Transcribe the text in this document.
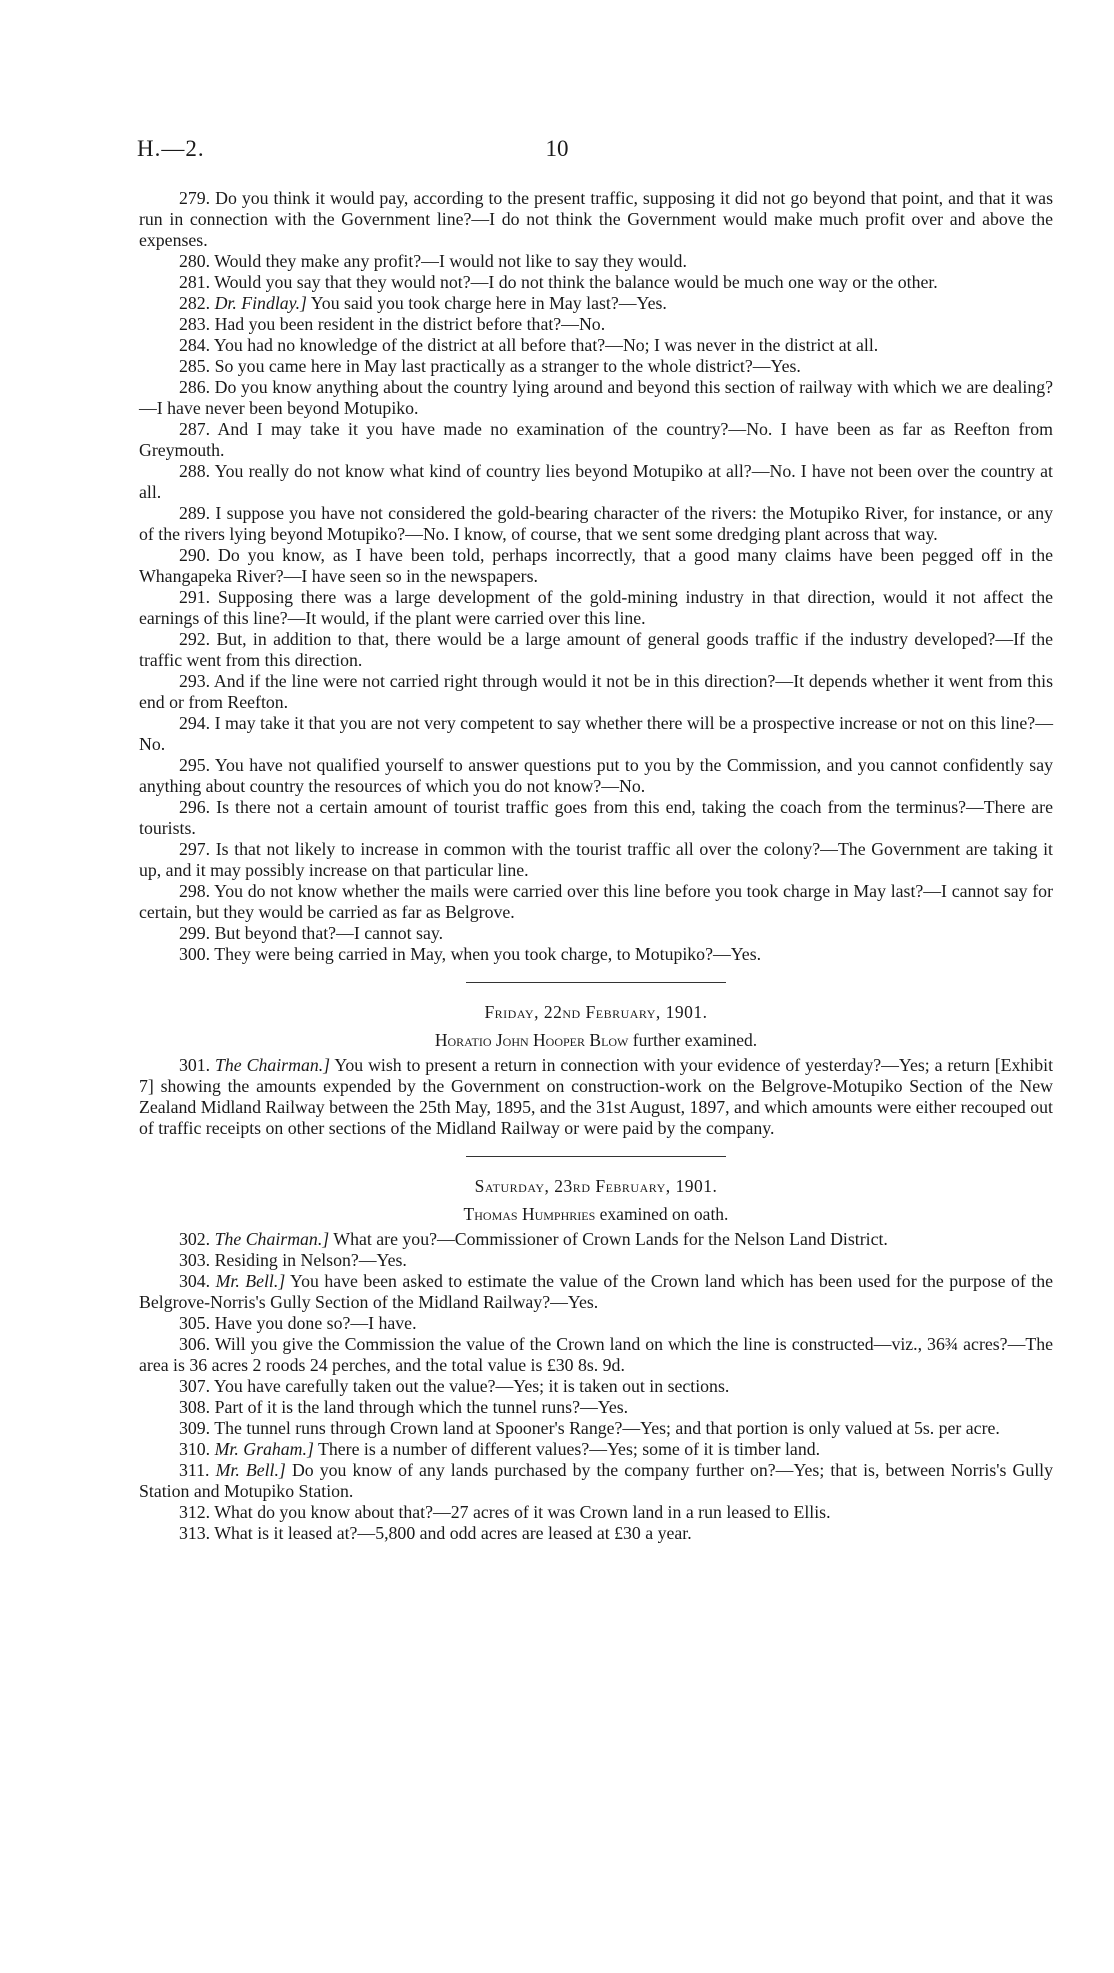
H.—2.	10

279. Do you think it would pay, according to the present traffic, supposing it did not go beyond that point, and that it was run in connection with the Government line?—I do not think the Government would make much profit over and above the expenses.

280. Would they make any profit?—I would not like to say they would.

281. Would you say that they would not?—I do not think the balance would be much one way or the other.

282. Dr. Findlay.] You said you took charge here in May last?—Yes.

283. Had you been resident in the district before that?—No.

284. You had no knowledge of the district at all before that?—No; I was never in the district at all.

285. So you came here in May last practically as a stranger to the whole district?—Yes.

286. Do you know anything about the country lying around and beyond this section of railway with which we are dealing?—I have never been beyond Motupiko.

287. And I may take it you have made no examination of the country?—No. I have been as far as Reefton from Greymouth.

288. You really do not know what kind of country lies beyond Motupiko at all?—No. I have not been over the country at all.

289. I suppose you have not considered the gold-bearing character of the rivers: the Motupiko River, for instance, or any of the rivers lying beyond Motupiko?—No. I know, of course, that we sent some dredging plant across that way.

290. Do you know, as I have been told, perhaps incorrectly, that a good many claims have been pegged off in the Whangapeka River?—I have seen so in the newspapers.

291. Supposing there was a large development of the gold-mining industry in that direction, would it not affect the earnings of this line?—It would, if the plant were carried over this line.

292. But, in addition to that, there would be a large amount of general goods traffic if the industry developed?—If the traffic went from this direction.

293. And if the line were not carried right through would it not be in this direction?—It depends whether it went from this end or from Reefton.

294. I may take it that you are not very competent to say whether there will be a prospective increase or not on this line?—No.

295. You have not qualified yourself to answer questions put to you by the Commission, and you cannot confidently say anything about country the resources of which you do not know?—No.

296. Is there not a certain amount of tourist traffic goes from this end, taking the coach from the terminus?—There are tourists.

297. Is that not likely to increase in common with the tourist traffic all over the colony?—The Government are taking it up, and it may possibly increase on that particular line.

298. You do not know whether the mails were carried over this line before you took charge in May last?—I cannot say for certain, but they would be carried as far as Belgrove.

299. But beyond that?—I cannot say.

300. They were being carried in May, when you took charge, to Motupiko?—Yes.

Friday, 22nd February, 1901.
Horatio John Hooper Blow further examined.

301. The Chairman.] You wish to present a return in connection with your evidence of yesterday?—Yes; a return [Exhibit 7] showing the amounts expended by the Government on construction-work on the Belgrove-Motupiko Section of the New Zealand Midland Railway between the 25th May, 1895, and the 31st August, 1897, and which amounts were either recouped out of traffic receipts on other sections of the Midland Railway or were paid by the company.

Saturday, 23rd February, 1901.
Thomas Humphries examined on oath.

302. The Chairman.] What are you?—Commissioner of Crown Lands for the Nelson Land District.

303. Residing in Nelson?—Yes.

304. Mr. Bell.] You have been asked to estimate the value of the Crown land which has been used for the purpose of the Belgrove-Norris's Gully Section of the Midland Railway?—Yes.

305. Have you done so?—I have.

306. Will you give the Commission the value of the Crown land on which the line is constructed—viz., 36¾ acres?—The area is 36 acres 2 roods 24 perches, and the total value is £30 8s. 9d.

307. You have carefully taken out the value?—Yes; it is taken out in sections.

308. Part of it is the land through which the tunnel runs?—Yes.

309. The tunnel runs through Crown land at Spooner's Range?—Yes; and that portion is only valued at 5s. per acre.

310. Mr. Graham.] There is a number of different values?—Yes; some of it is timber land.

311. Mr. Bell.] Do you know of any lands purchased by the company further on?—Yes; that is, between Norris's Gully Station and Motupiko Station.

312. What do you know about that?—27 acres of it was Crown land in a run leased to Ellis.

313. What is it leased at?—5,800 and odd acres are leased at £30 a year.
